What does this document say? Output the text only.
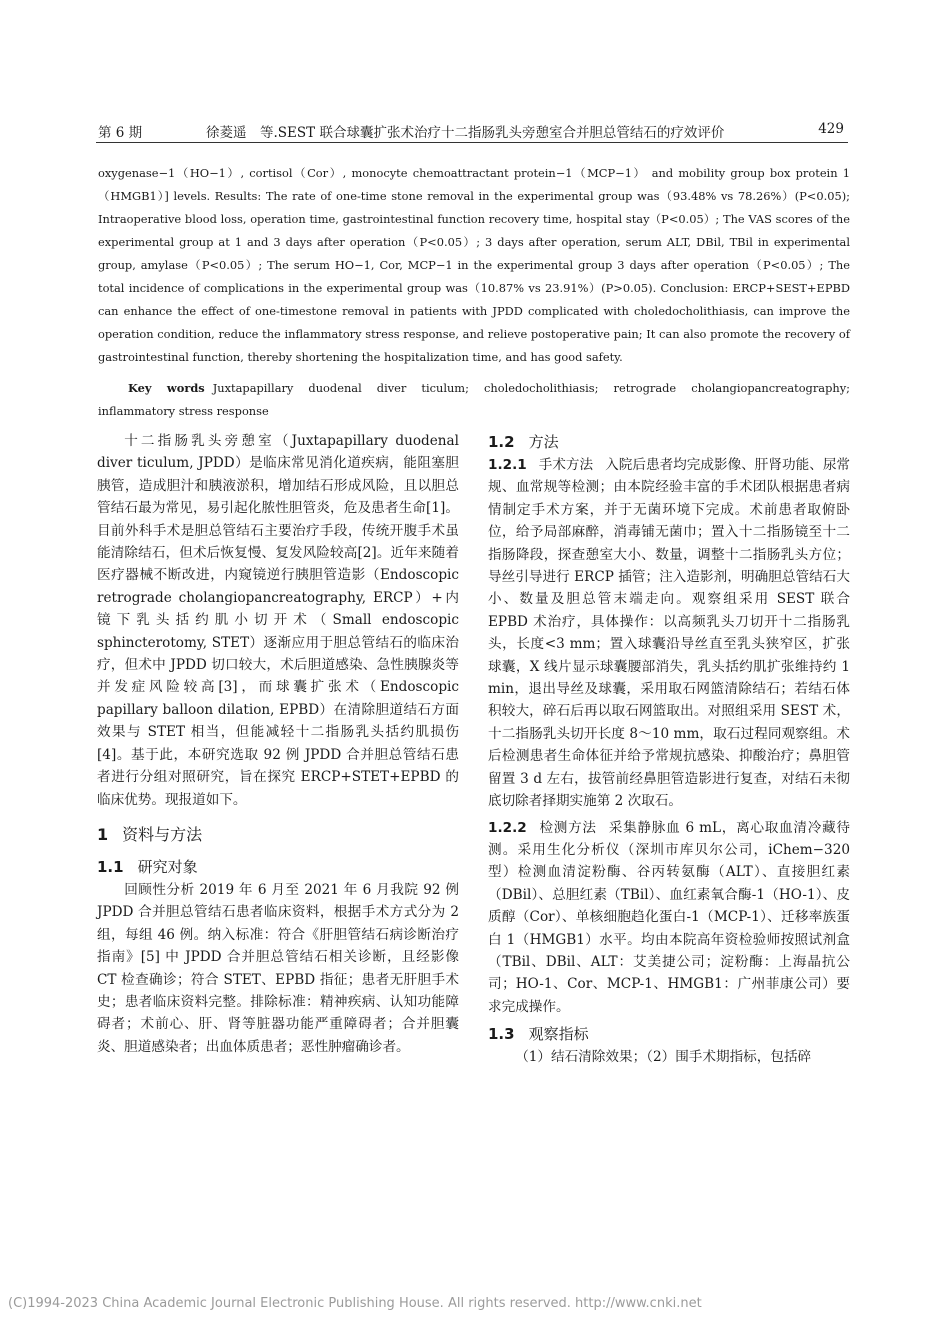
第 6 期	徐菱遥　等.SEST 联合球囊扩张术治疗十二指肠乳头旁憩室合并胆总管结石的疗效评价	429

oxygenase−1（HO−1）, cortisol（Cor）, monocyte chemoattractant protein−1（MCP−1） and mobility group box protein 1（HMGB1）] levels. Results: The rate of one-time stone removal in the experimental group was（93.48% vs 78.26%）(P<0.05); Intraoperative blood loss, operation time, gastrointestinal function recovery time, hospital stay（P<0.05）; The VAS scores of the experimental group at 1 and 3 days after operation（P<0.05）; 3 days after operation, serum ALT, DBil, TBil in experimental group, amylase（P<0.05）; The serum HO−1, Cor, MCP−1 in the experimental group 3 days after operation（P<0.05）; The total incidence of complications in the experimental group was（10.87% vs 23.91%）(P>0.05). Conclusion: ERCP+SEST+EPBD can enhance the effect of one-timestone removal in patients with JPDD complicated with choledocholithiasis, can improve the operation condition, reduce the inflammatory stress response, and relieve postoperative pain; It can also promote the recovery of gastrointestinal function, thereby shortening the hospitalization time, and has good safety.

Key words Juxtapapillary duodenal diver ticulum; choledocholithiasis; retrograde cholangiopancreatography; inflammatory stress response

十二指肠乳头旁憩室（Juxtapapillary duodenal diver ticulum, JPDD）是临床常见消化道疾病，能阻塞胆胰管，造成胆汁和胰液淤积，增加结石形成风险，且以胆总管结石最为常见，易引起化脓性胆管炎，危及患者生命[1]。目前外科手术是胆总管结石主要治疗手段，传统开腹手术虽能清除结石，但术后恢复慢、复发风险较高[2]。近年来随着医疗器械不断改进，内窥镜逆行胰胆管造影（Endoscopic retrograde cholangiopancreatography, ERCP）+内镜下乳头括约肌小切开术（Small endoscopic sphincterotomy, STET）逐渐应用于胆总管结石的临床治疗，但术中 JPDD 切口较大，术后胆道感染、急性胰腺炎等并发症风险较高[3]，而球囊扩张术（Endoscopic papillary balloon dilation, EPBD）在清除胆道结石方面效果与 STET 相当，但能减轻十二指肠乳头括约肌损伤[4]。基于此，本研究选取 92 例 JPDD 合并胆总管结石患者进行分组对照研究，旨在探究 ERCP+STET+EPBD 的临床优势。现报道如下。

1 资料与方法
1.1 研究对象

回顾性分析 2019 年 6 月至 2021 年 6 月我院 92 例 JPDD 合并胆总管结石患者临床资料，根据手术方式分为 2 组，每组 46 例。纳入标准：符合《肝胆管结石病诊断治疗指南》[5] 中 JPDD 合并胆总管结石相关诊断，且经影像 CT 检查确诊；符合 STET、EPBD 指征；患者无肝胆手术史；患者临床资料完整。排除标准：精神疾病、认知功能障碍者；术前心、肝、肾等脏器功能严重障碍者；合并胆囊炎、胆道感染者；出血体质患者；恶性肿瘤确诊者。

1.2 方法

1.2.1 手术方法 入院后患者均完成影像、肝肾功能、尿常规、血常规等检测；由本院经验丰富的手术团队根据患者病情制定手术方案，并于无菌环境下完成。术前患者取俯卧位，给予局部麻醉，消毒铺无菌巾；置入十二指肠镜至十二指肠降段，探查憩室大小、数量，调整十二指肠乳头方位；导丝引导进行 ERCP 插管；注入造影剂，明确胆总管结石大小、数量及胆总管末端走向。观察组采用 SEST 联合 EPBD 术治疗，具体操作：以高频乳头刀切开十二指肠乳头，长度<3 mm；置入球囊沿导丝直至乳头狭窄区，扩张球囊，X 线片显示球囊腰部消失，乳头括约肌扩张维持约 1 min，退出导丝及球囊，采用取石网篮清除结石；若结石体积较大，碎石后再以取石网篮取出。对照组采用 SEST 术，十二指肠乳头切开长度 8～10 mm，取石过程同观察组。术后检测患者生命体征并给予常规抗感染、抑酸治疗；鼻胆管留置 3 d 左右，拔管前经鼻胆管造影进行复查，对结石未彻底切除者择期实施第 2 次取石。

1.2.2 检测方法 采集静脉血 6 mL，离心取血清冷藏待测。采用生化分析仪（深圳市库贝尔公司，iChem−320 型）检测血清淀粉酶、谷丙转氨酶（ALT）、直接胆红素（DBil）、总胆红素（TBil）、血红素氧合酶-1（HO-1）、皮质醇（Cor）、单核细胞趋化蛋白-1（MCP-1）、迁移率族蛋白 1（HMGB1）水平。均由本院高年资检验师按照试剂盒（TBil、DBil、ALT：艾美捷公司；淀粉酶：上海晶抗公司；HO-1、Cor、MCP-1、HMGB1：广州菲康公司）要求完成操作。

1.3 观察指标

（1）结石清除效果；（2）围手术期指标，包括碎

(C)1994-2023 China Academic Journal Electronic Publishing House. All rights reserved. http://www.cnki.net
